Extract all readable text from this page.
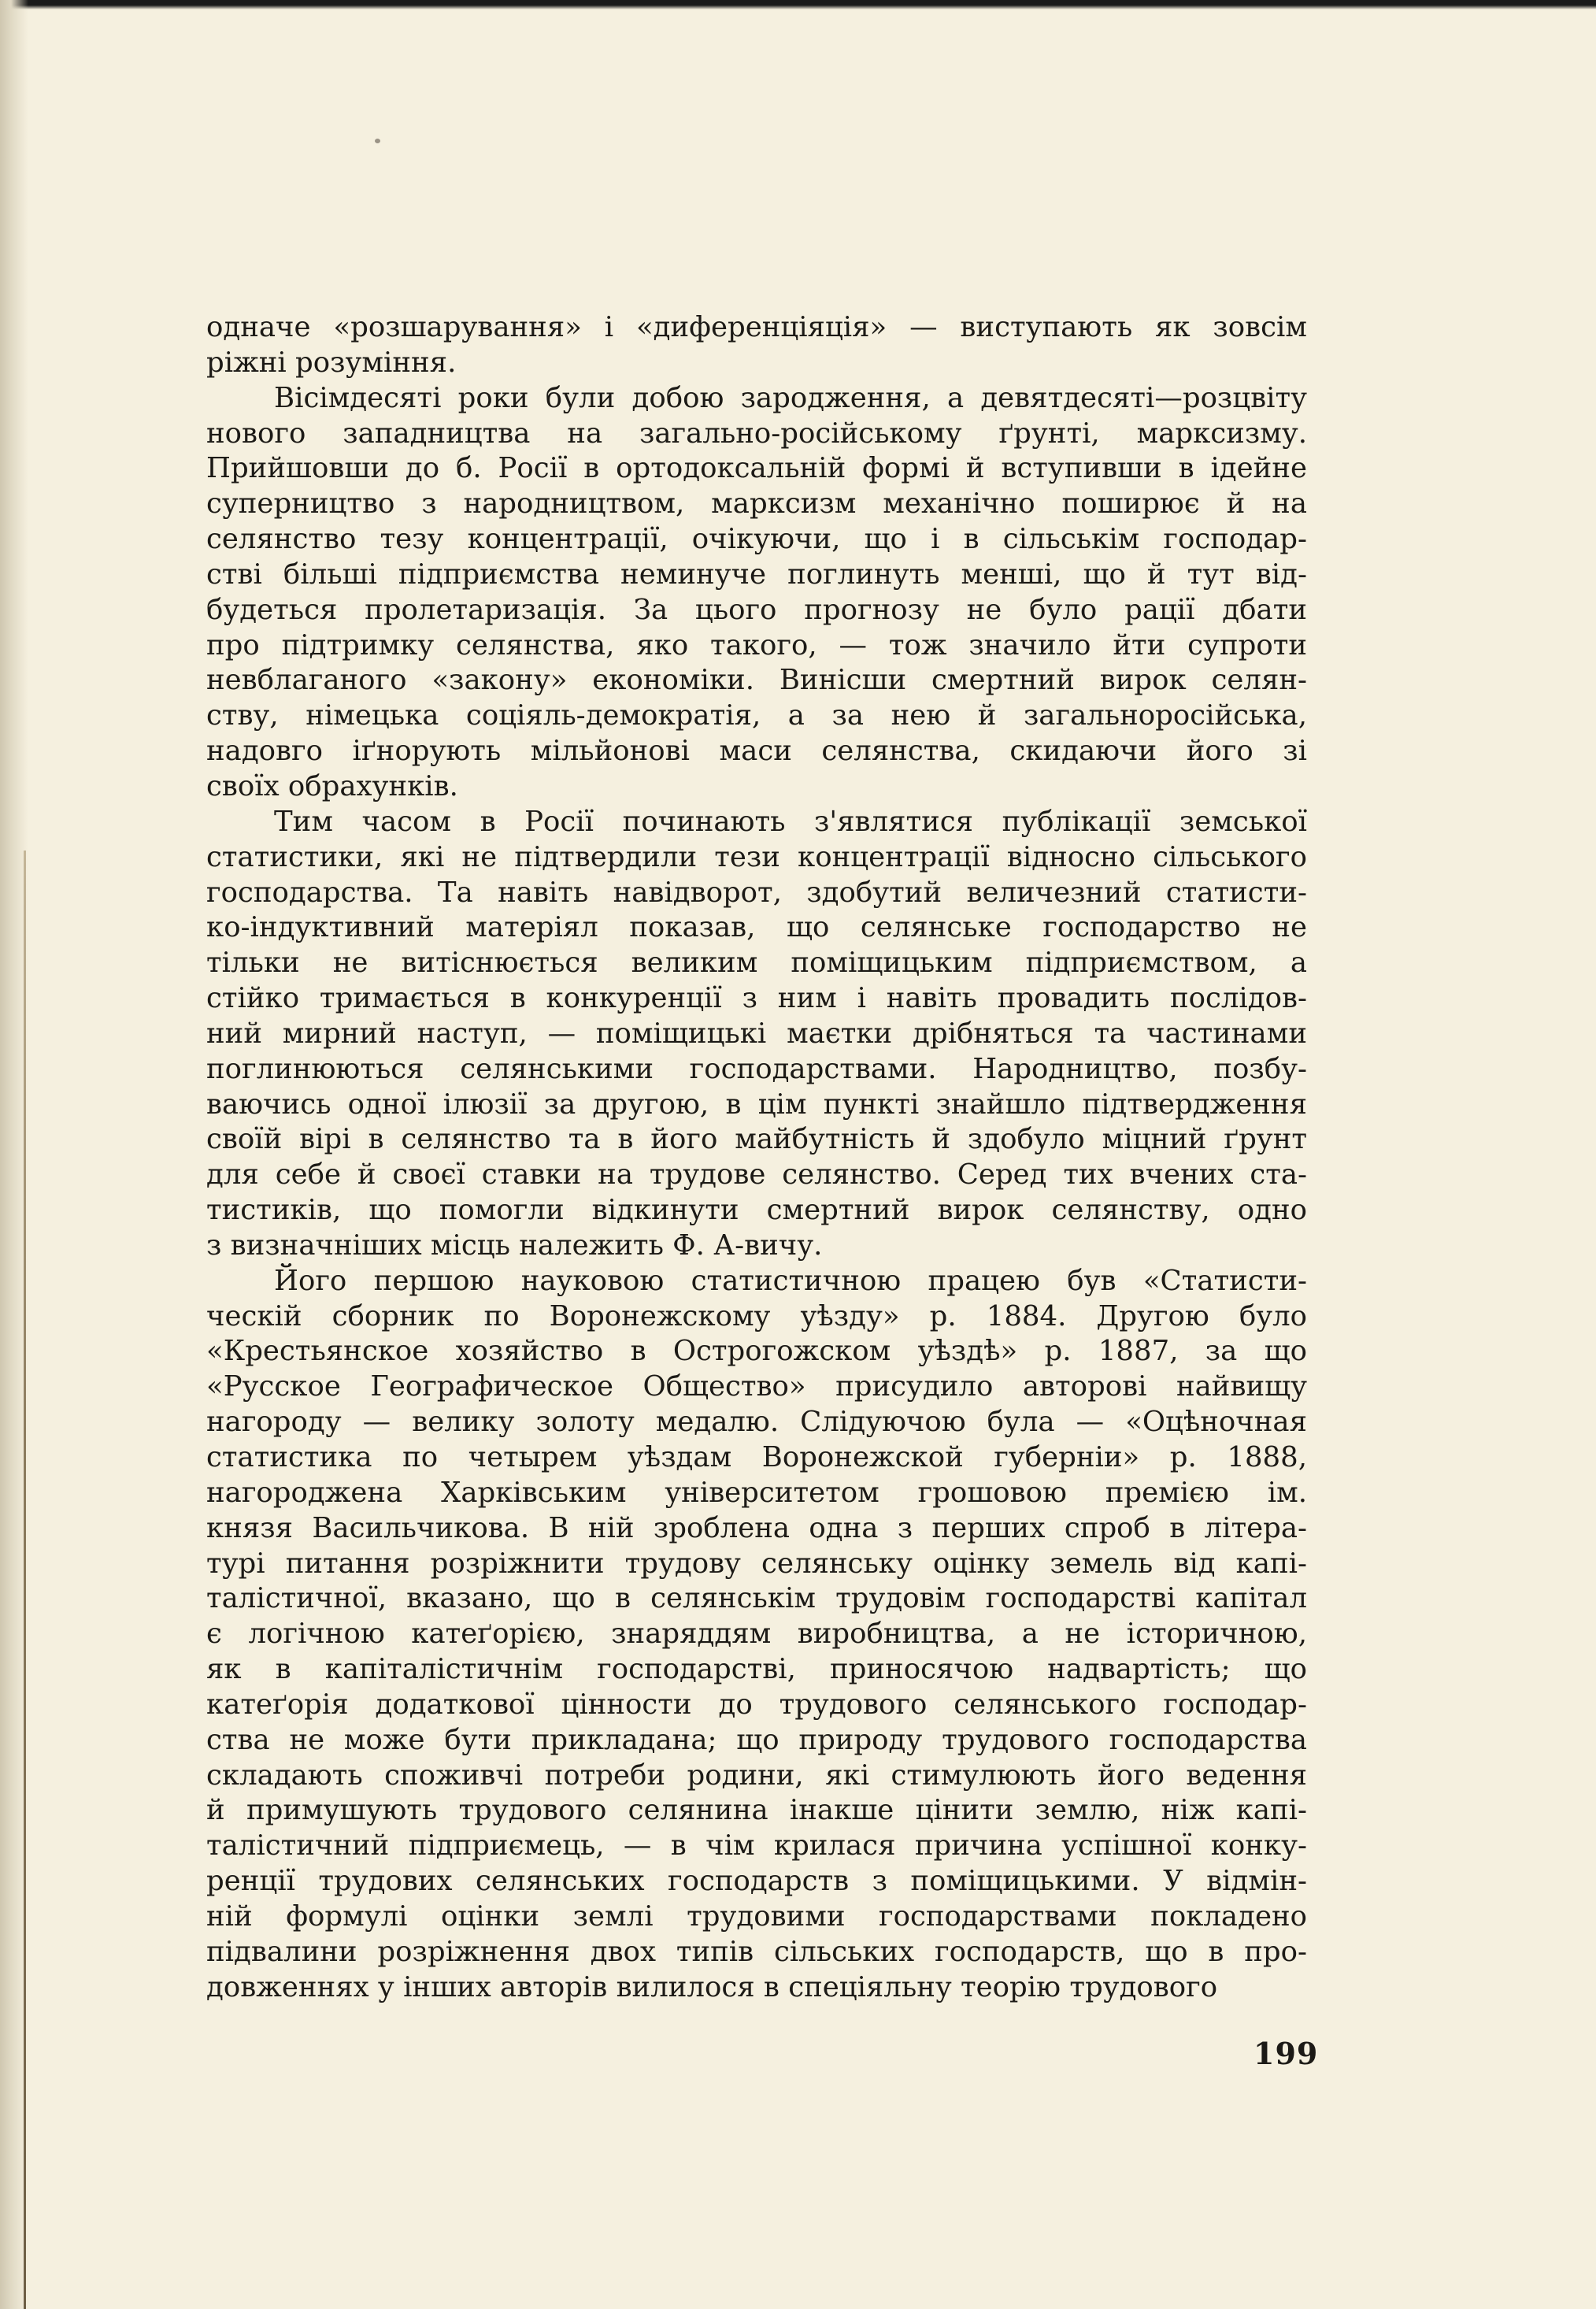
одначе «розшарування» і «диференціяція» — виступають як зовсім
ріжні розуміння.
Вісімдесяті роки були добою зародження, а девятдесяті—розцвіту
нового западництва на загально-російському ґрунті, марксизму.
Прийшовши до б. Росії в ортодоксальній формі й вступивши в ідейне
суперництво з народництвом, марксизм механічно поширює й на
селянство тезу концентрації, очікуючи, що і в сільськім господар-
стві більші підприємства неминуче поглинуть менші, що й тут від-
будеться пролетаризація. За цього прогнозу не було рації дбати
про підтримку селянства, яко такого, — тож значило йти супроти
невблаганого «закону» економіки. Винісши смертний вирок селян-
ству, німецька соціяль-демократія, а за нею й загальноросійська,
надовго іґнорують мільйонові маси селянства, скидаючи його зі
своїх обрахунків.
Тим часом в Росії починають з'являтися публікації земської
статистики, які не підтвердили тези концентрації відносно сільського
господарства. Та навіть навідворот, здобутий величезний статисти-
ко-індуктивний матеріял показав, що селянське господарство не
тільки не витіснюється великим поміщицьким підприємством, а
стійко тримається в конкуренції з ним і навіть провадить послідов-
ний мирний наступ, — поміщицькі маєтки дрібняться та частинами
поглинюються селянськими господарствами. Народництво, позбу-
ваючись одної ілюзії за другою, в цім пункті знайшло підтвердження
своїй вірі в селянство та в його майбутність й здобуло міцний ґрунт
для себе й своєї ставки на трудове селянство. Серед тих вчених ста-
тистиків, що помогли відкинути смертний вирок селянству, одно
з визначніших місць належить Ф. А-вичу.
Його першою науковою статистичною працею був «Статисти-
ческій сборник по Воронежскому уѣзду» р. 1884. Другою було
«Крестьянское хозяйство в Острогожском уѣздѣ» р. 1887, за що
«Русское Географическое Общество» присудило авторові найвищу
нагороду — велику золоту медалю. Слідуючою була — «Оцѣночная
статистика по четырем уѣздам Воронежской губерніи» р. 1888,
нагороджена Харківським університетом грошовою премією ім.
князя Васильчикова. В ній зроблена одна з перших спроб в літера-
турі питання розріжнити трудову селянську оцінку земель від капі-
талістичної, вказано, що в селянськім трудовім господарстві капітал
є логічною катеґорією, знаряддям виробництва, а не історичною,
як в капіталістичнім господарстві, приносячою надвартість; що
катеґорія додаткової цінности до трудового селянського господар-
ства не може бути прикладана; що природу трудового господарства
складають споживчі потреби родини, які стимулюють його ведення
й примушують трудового селянина інакше цінити землю, ніж капі-
талістичний підприємець, — в чім крилася причина успішної конку-
ренції трудових селянських господарств з поміщицькими. У відмін-
ній формулі оцінки землі трудовими господарствами покладено
підвалини розріжнення двох типів сільських господарств, що в про-
довженнях у інших авторів вилилося в спеціяльну теорію трудового
199
